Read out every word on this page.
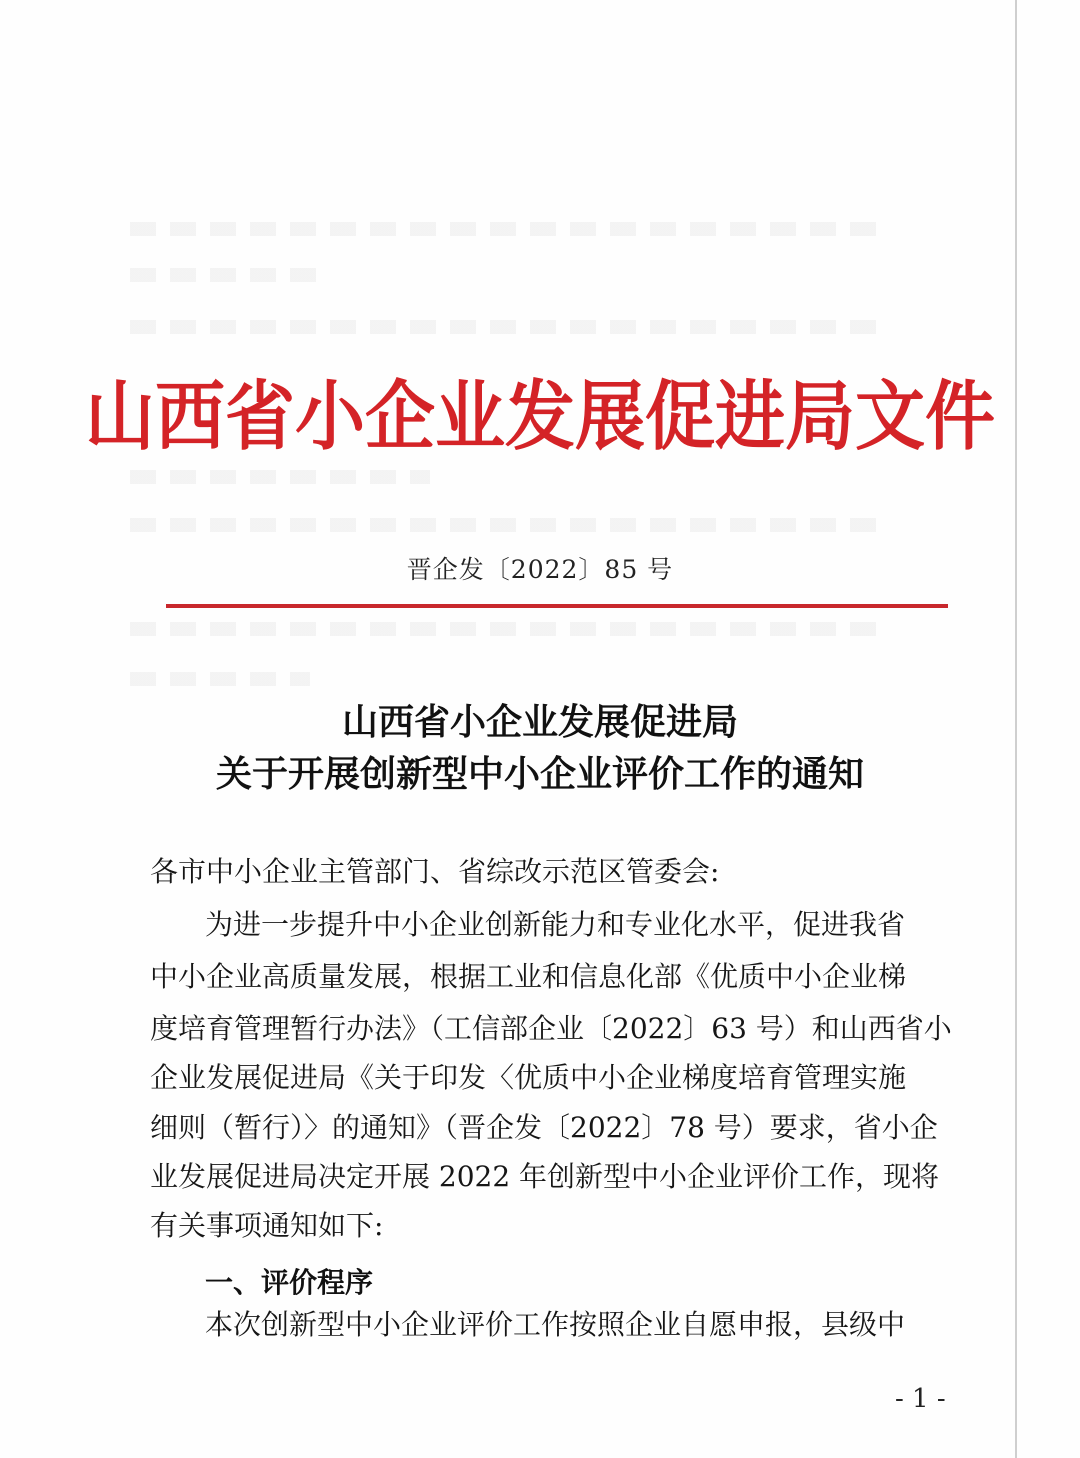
山西省小企业发展促进局文件
晋企发〔2022〕85 号
山西省小企业发展促进局
关于开展创新型中小企业评价工作的通知
各市中小企业主管部门、省综改示范区管委会:
为进一步提升中小企业创新能力和专业化水平，促进我省
中小企业高质量发展，根据工业和信息化部《优质中小企业梯
度培育管理暂行办法》（工信部企业〔2022〕63 号）和山西省小
企业发展促进局《关于印发〈优质中小企业梯度培育管理实施
细则（暂行）〉的通知》（晋企发〔2022〕78 号）要求，省小企
业发展促进局决定开展 2022 年创新型中小企业评价工作，现将
有关事项通知如下:
一、评价程序
本次创新型中小企业评价工作按照企业自愿申报，县级中
- 1 -
